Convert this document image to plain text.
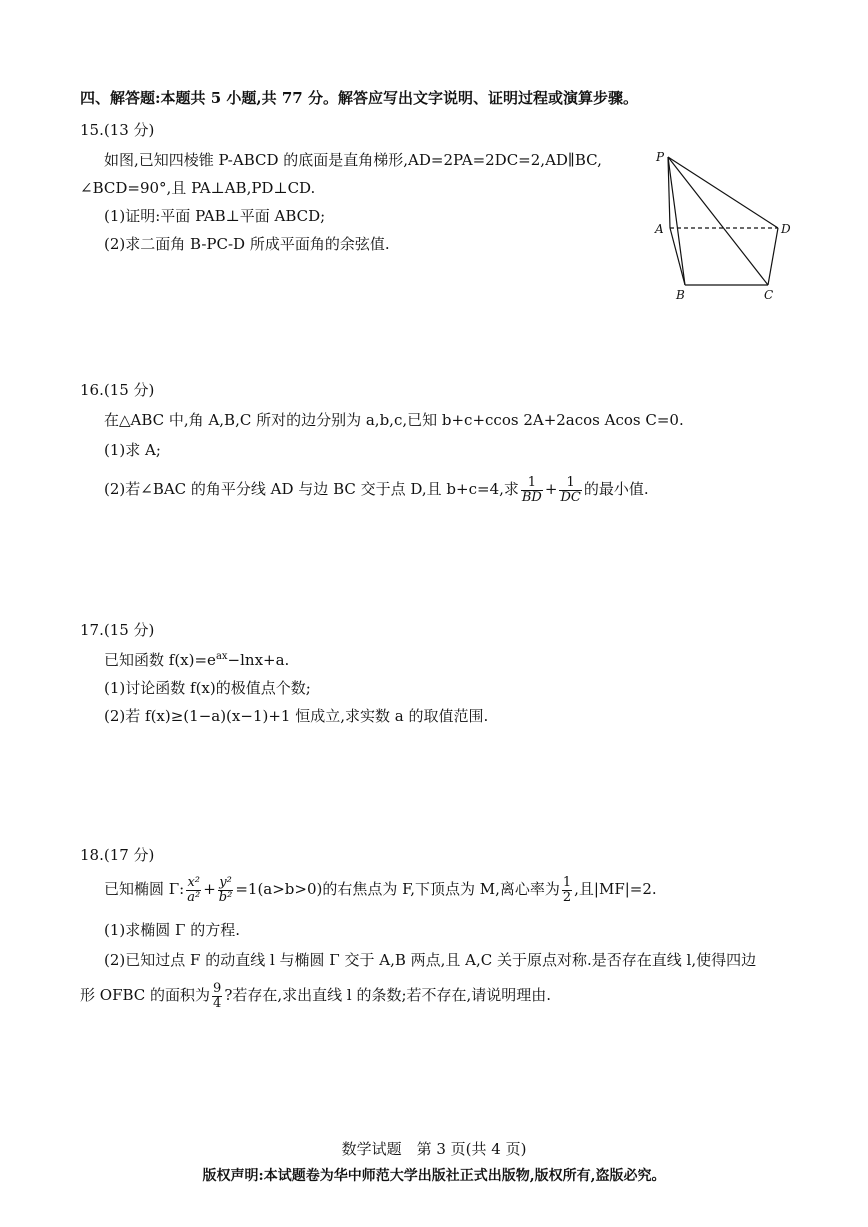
四、解答题:本题共 5 小题,共 77 分。解答应写出文字说明、证明过程或演算步骤。
15.(13 分)
如图,已知四棱锥 P-ABCD 的底面是直角梯形,AD=2PA=2DC=2,AD∥BC,
∠BCD=90°,且 PA⊥AB,PD⊥CD.
(1)证明:平面 PAB⊥平面 ABCD;
(2)求二面角 B-PC-D 所成平面角的余弦值.
P
A	D
B	C
16.(15 分)
在△ABC 中,角 A,B,C 所对的边分别为 a,b,c,已知 b+c+ccos 2A+2acos Acos C=0.
(1)求 A;
(2)若∠BAC 的角平分线 AD 与边 BC 交于点 D,且 b+c=4,求 $\frac{1}{BD} + \frac{1}{DC}$ 的最小值.
17.(15 分)
已知函数 $f(x)=e^{ax}-\ln x+a$.
(1)讨论函数 f(x)的极值点个数;
(2)若 f(x)≥(1−a)(x−1)+1 恒成立,求实数 a 的取值范围.
18.(17 分)
已知椭圆 Γ: $\frac{\text{x²}}{\text{a²}} + \frac{\text{y²}}{\text{b²}} =1(a>b>0)$的右焦点为 F,下顶点为 M,离心率为 $\frac{1}{2}$ ,且|MF|=2.
(1)求椭圆 Γ 的方程.
(2)已知过点 F 的动直线 l 与椭圆 Γ 交于 A,B 两点,且 A,C 关于原点对称.是否存在直线 l,使得四边
形 OFBC 的面积为 $\frac{9}{4}$ ?若存在,求出直线 l 的条数;若不存在,请说明理由.
数学试题　第 3 页(共 4 页)
版权声明:本试题卷为华中师范大学出版社正式出版物,版权所有,盗版必究。
